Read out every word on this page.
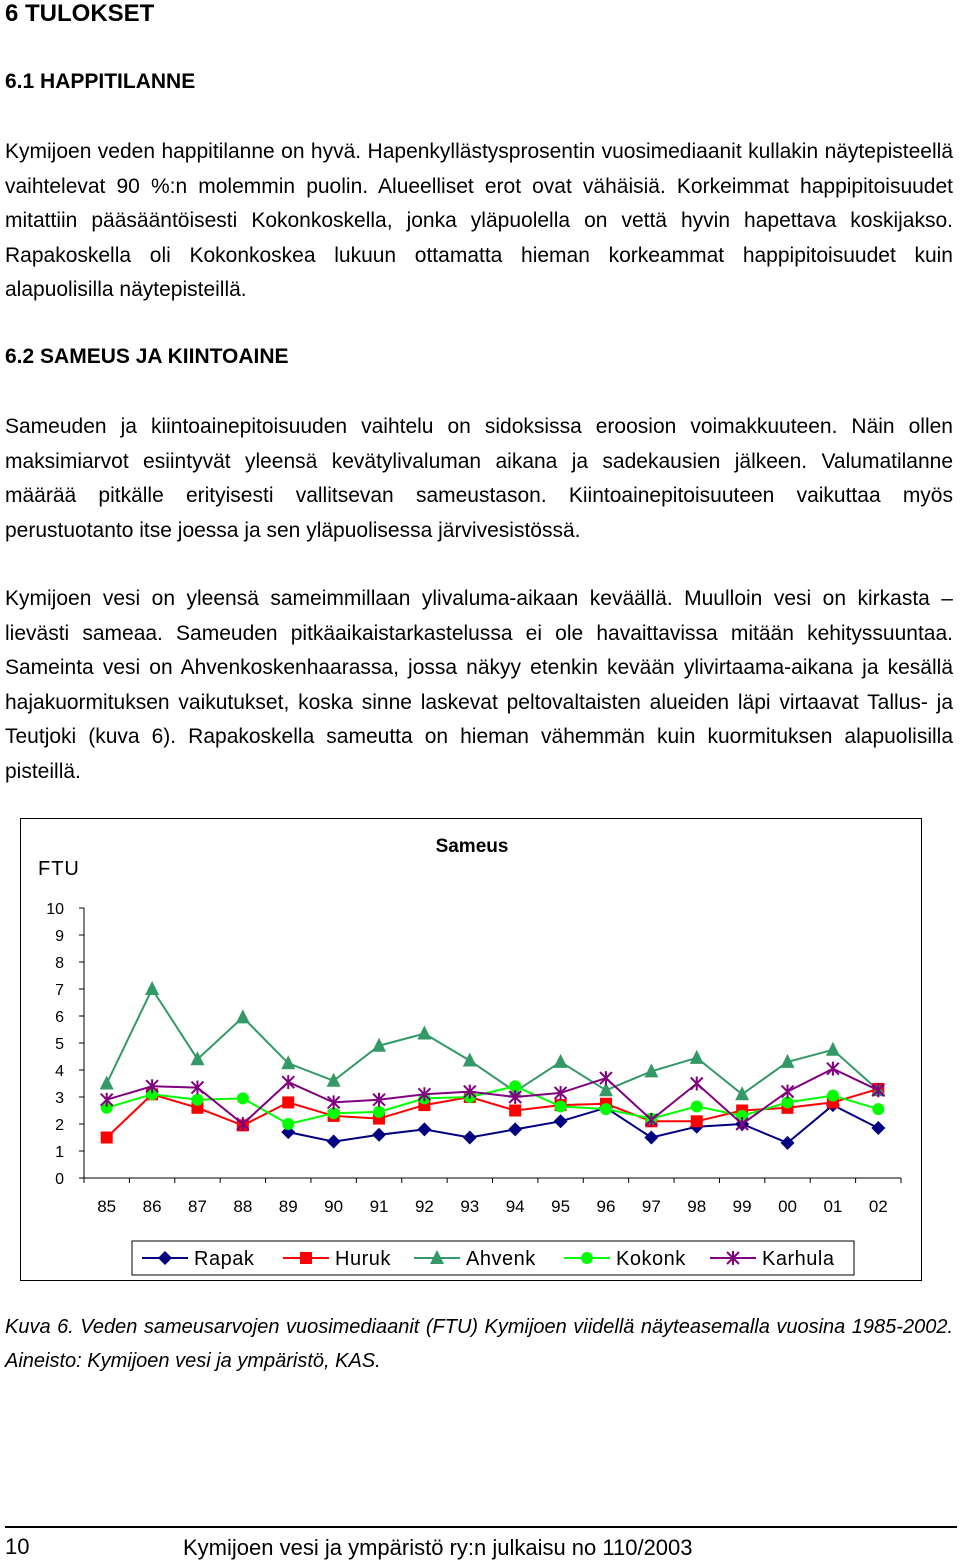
6 TULOKSET
6.1 HAPPITILANNE

Kymijoen veden happitilanne on hyvä. Hapenkyllästysprosentin vuosimediaanit kullakin näytepisteellä vaihtelevat 90 %:n molemmin puolin. Alueelliset erot ovat vähäisiä. Korkeimmat happipitoisuudet mitattiin pääsääntöisesti Kokonkoskella, jonka yläpuolella on vettä hyvin hapettava koskijakso. Rapakoskella oli Kokonkoskea lukuun ottamatta hieman korkeammat happipitoisuudet kuin alapuolisilla näytepisteillä.

6.2 SAMEUS JA KIINTOAINE

Sameuden ja kiintoainepitoisuuden vaihtelu on sidoksissa eroosion voimakkuuteen. Näin ollen maksimiarvot esiintyvät yleensä kevätylivaluman aikana ja sadekausien jälkeen. Valumatilanne määrää pitkälle erityisesti vallitsevan sameustason. Kiintoainepitoisuuteen vaikuttaa myös perustuotanto itse joessa ja sen yläpuolisessa järvivesistössä.

Kymijoen vesi on yleensä sameimmillaan ylivaluma-aikaan keväällä. Muulloin vesi on kirkasta – lievästi sameaa. Sameuden pitkäaikaistarkastelussa ei ole havaittavissa mitään kehityssuuntaa. Sameinta vesi on Ahvenkoskenhaarassa, jossa näkyy etenkin kevään ylivirtaama-aikana ja kesällä hajakuormituksen vaikutukset, koska sinne laskevat peltovaltaisten alueiden läpi virtaavat Tallus- ja Teutjoki (kuva 6). Rapakoskella sameutta on hieman vähemmän kuin kuormituksen alapuolisilla pisteillä.

Sameus
FTU
0
1
2
3
4
5
6
7
8
9
10
85 86 87 88 89 90 91 92 93 94 95 96 97 98 99 00 01 02
Rapak	Huruk	Ahvenk	Kokonk	Karhula

Kuva 6. Veden sameusarvojen vuosimediaanit (FTU) Kymijoen viidellä näyteasemalla vuosina 1985-2002. Aineisto: Kymijoen vesi ja ympäristö, KAS.

10	Kymijoen vesi ja ympäristö ry:n julkaisu no 110/2003
